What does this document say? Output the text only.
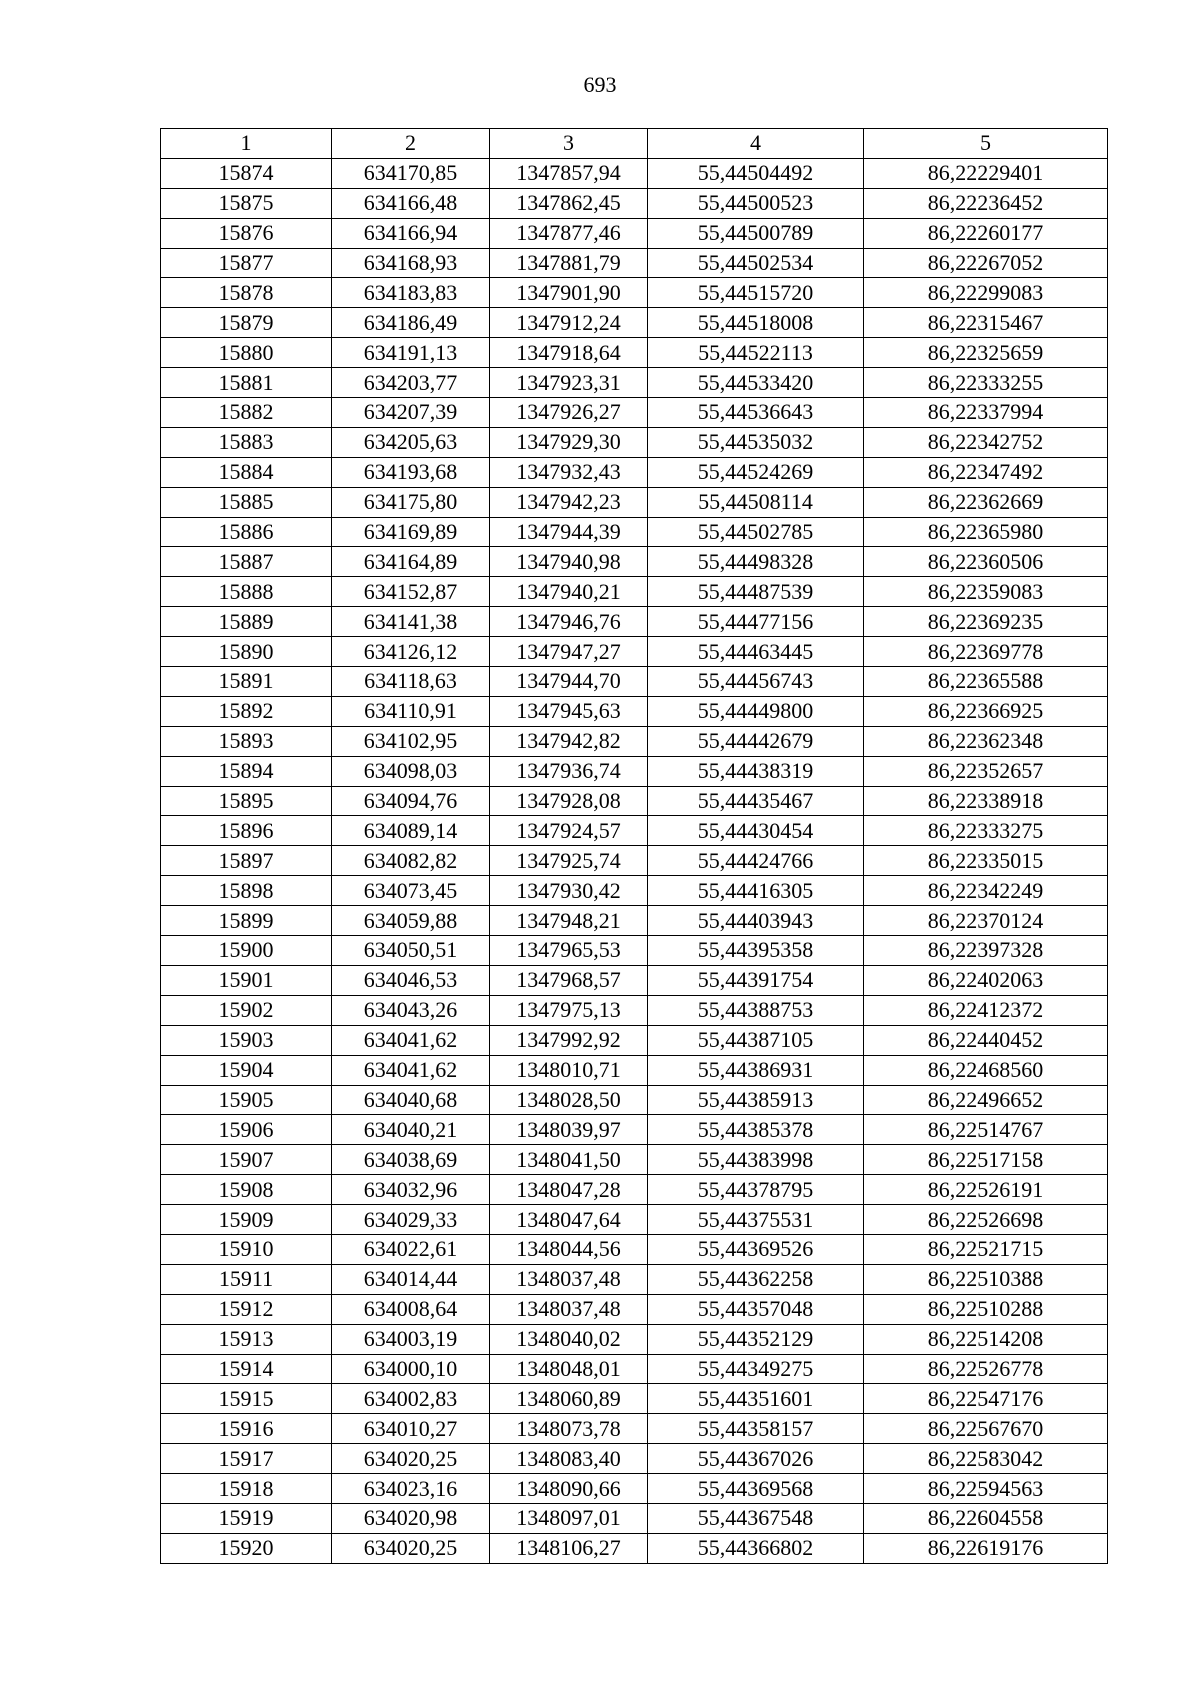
693
1	2	3	4	5
15874	634170,85	1347857,94	55,44504492	86,22229401
15875	634166,48	1347862,45	55,44500523	86,22236452
15876	634166,94	1347877,46	55,44500789	86,22260177
15877	634168,93	1347881,79	55,44502534	86,22267052
15878	634183,83	1347901,90	55,44515720	86,22299083
15879	634186,49	1347912,24	55,44518008	86,22315467
15880	634191,13	1347918,64	55,44522113	86,22325659
15881	634203,77	1347923,31	55,44533420	86,22333255
15882	634207,39	1347926,27	55,44536643	86,22337994
15883	634205,63	1347929,30	55,44535032	86,22342752
15884	634193,68	1347932,43	55,44524269	86,22347492
15885	634175,80	1347942,23	55,44508114	86,22362669
15886	634169,89	1347944,39	55,44502785	86,22365980
15887	634164,89	1347940,98	55,44498328	86,22360506
15888	634152,87	1347940,21	55,44487539	86,22359083
15889	634141,38	1347946,76	55,44477156	86,22369235
15890	634126,12	1347947,27	55,44463445	86,22369778
15891	634118,63	1347944,70	55,44456743	86,22365588
15892	634110,91	1347945,63	55,44449800	86,22366925
15893	634102,95	1347942,82	55,44442679	86,22362348
15894	634098,03	1347936,74	55,44438319	86,22352657
15895	634094,76	1347928,08	55,44435467	86,22338918
15896	634089,14	1347924,57	55,44430454	86,22333275
15897	634082,82	1347925,74	55,44424766	86,22335015
15898	634073,45	1347930,42	55,44416305	86,22342249
15899	634059,88	1347948,21	55,44403943	86,22370124
15900	634050,51	1347965,53	55,44395358	86,22397328
15901	634046,53	1347968,57	55,44391754	86,22402063
15902	634043,26	1347975,13	55,44388753	86,22412372
15903	634041,62	1347992,92	55,44387105	86,22440452
15904	634041,62	1348010,71	55,44386931	86,22468560
15905	634040,68	1348028,50	55,44385913	86,22496652
15906	634040,21	1348039,97	55,44385378	86,22514767
15907	634038,69	1348041,50	55,44383998	86,22517158
15908	634032,96	1348047,28	55,44378795	86,22526191
15909	634029,33	1348047,64	55,44375531	86,22526698
15910	634022,61	1348044,56	55,44369526	86,22521715
15911	634014,44	1348037,48	55,44362258	86,22510388
15912	634008,64	1348037,48	55,44357048	86,22510288
15913	634003,19	1348040,02	55,44352129	86,22514208
15914	634000,10	1348048,01	55,44349275	86,22526778
15915	634002,83	1348060,89	55,44351601	86,22547176
15916	634010,27	1348073,78	55,44358157	86,22567670
15917	634020,25	1348083,40	55,44367026	86,22583042
15918	634023,16	1348090,66	55,44369568	86,22594563
15919	634020,98	1348097,01	55,44367548	86,22604558
15920	634020,25	1348106,27	55,44366802	86,22619176
